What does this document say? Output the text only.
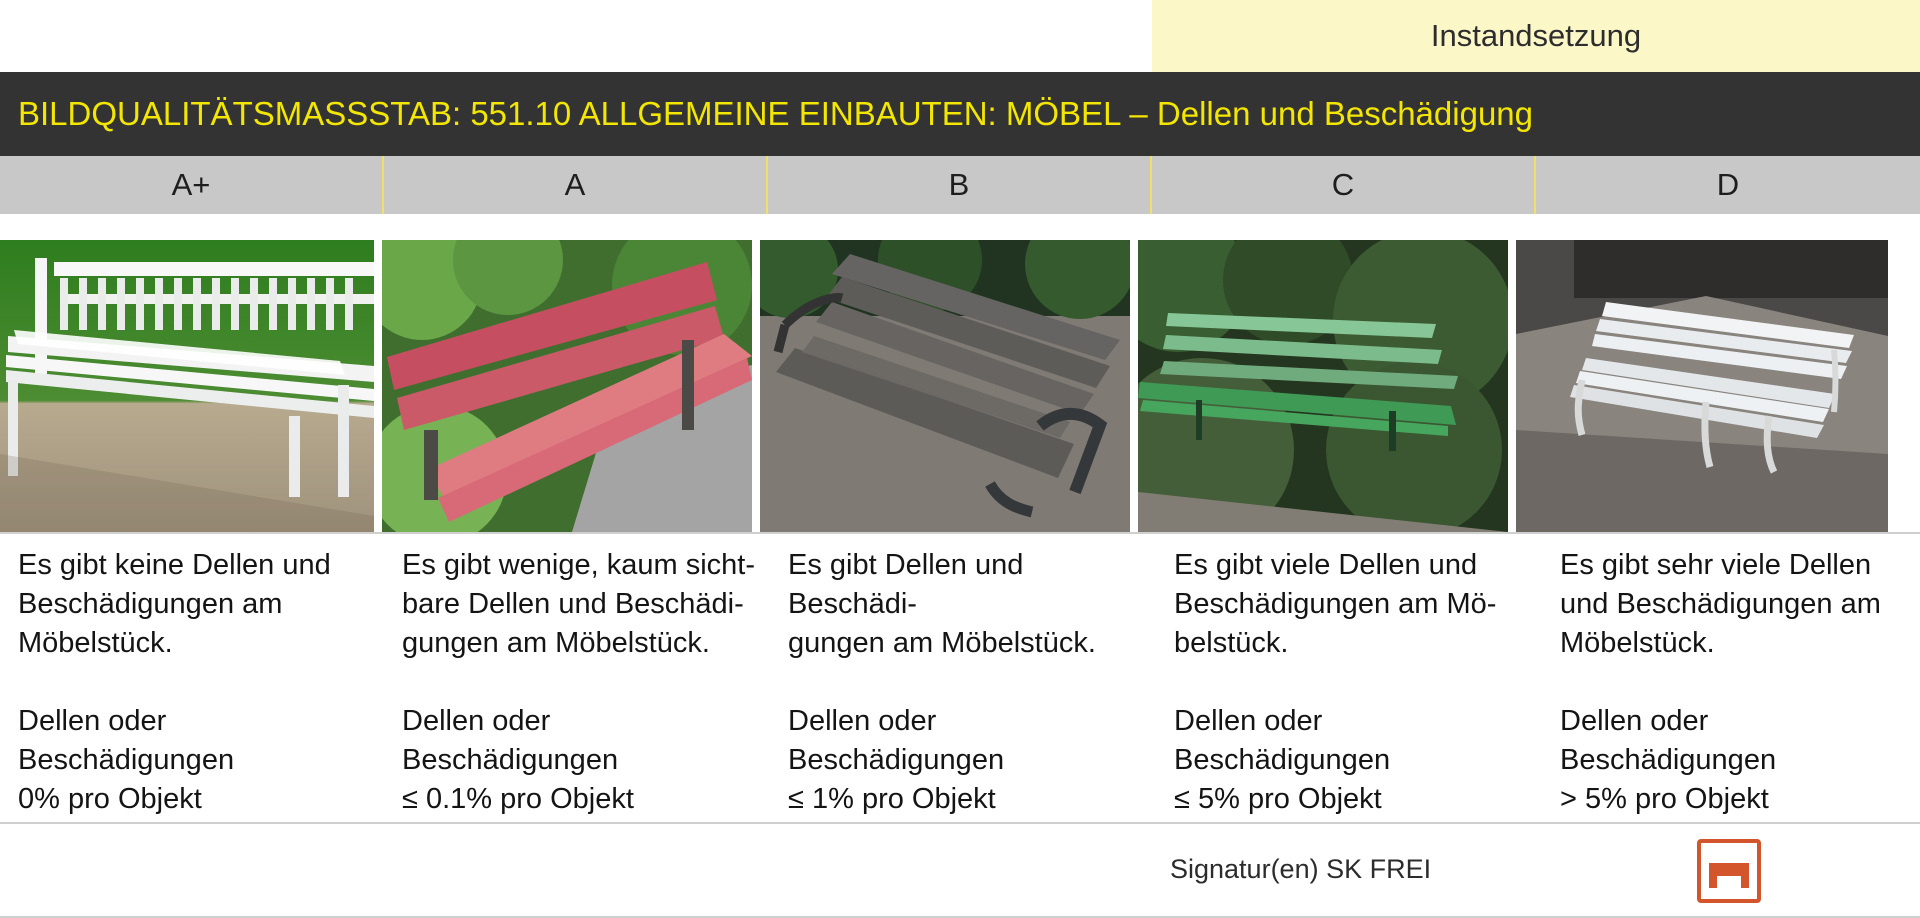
Instandsetzung
BILDQUALITÄTSMASSSTAB: 551.10 ALLGEMEINE EINBAUTEN: MÖBEL – Dellen und Beschädigung
A+	A	B	C	D
Es gibt keine Dellen und
Beschädigungen am
Möbelstück.
Dellen oder
Beschädigungen
0% pro Objekt
Es gibt wenige, kaum sicht-
bare Dellen und Beschädi-
gungen am Möbelstück.
Dellen oder
Beschädigungen
≤ 0.1% pro Objekt
Es gibt Dellen und Beschädi-
gungen am Möbelstück.
Dellen oder
Beschädigungen
≤ 1% pro Objekt
Es gibt viele Dellen und
Beschädigungen am Mö-
belstück.
Dellen oder
Beschädigungen
≤ 5% pro Objekt
Es gibt sehr viele Dellen
und Beschädigungen am
Möbelstück.
Dellen oder
Beschädigungen
> 5% pro Objekt
Signatur(en) SK FREI
